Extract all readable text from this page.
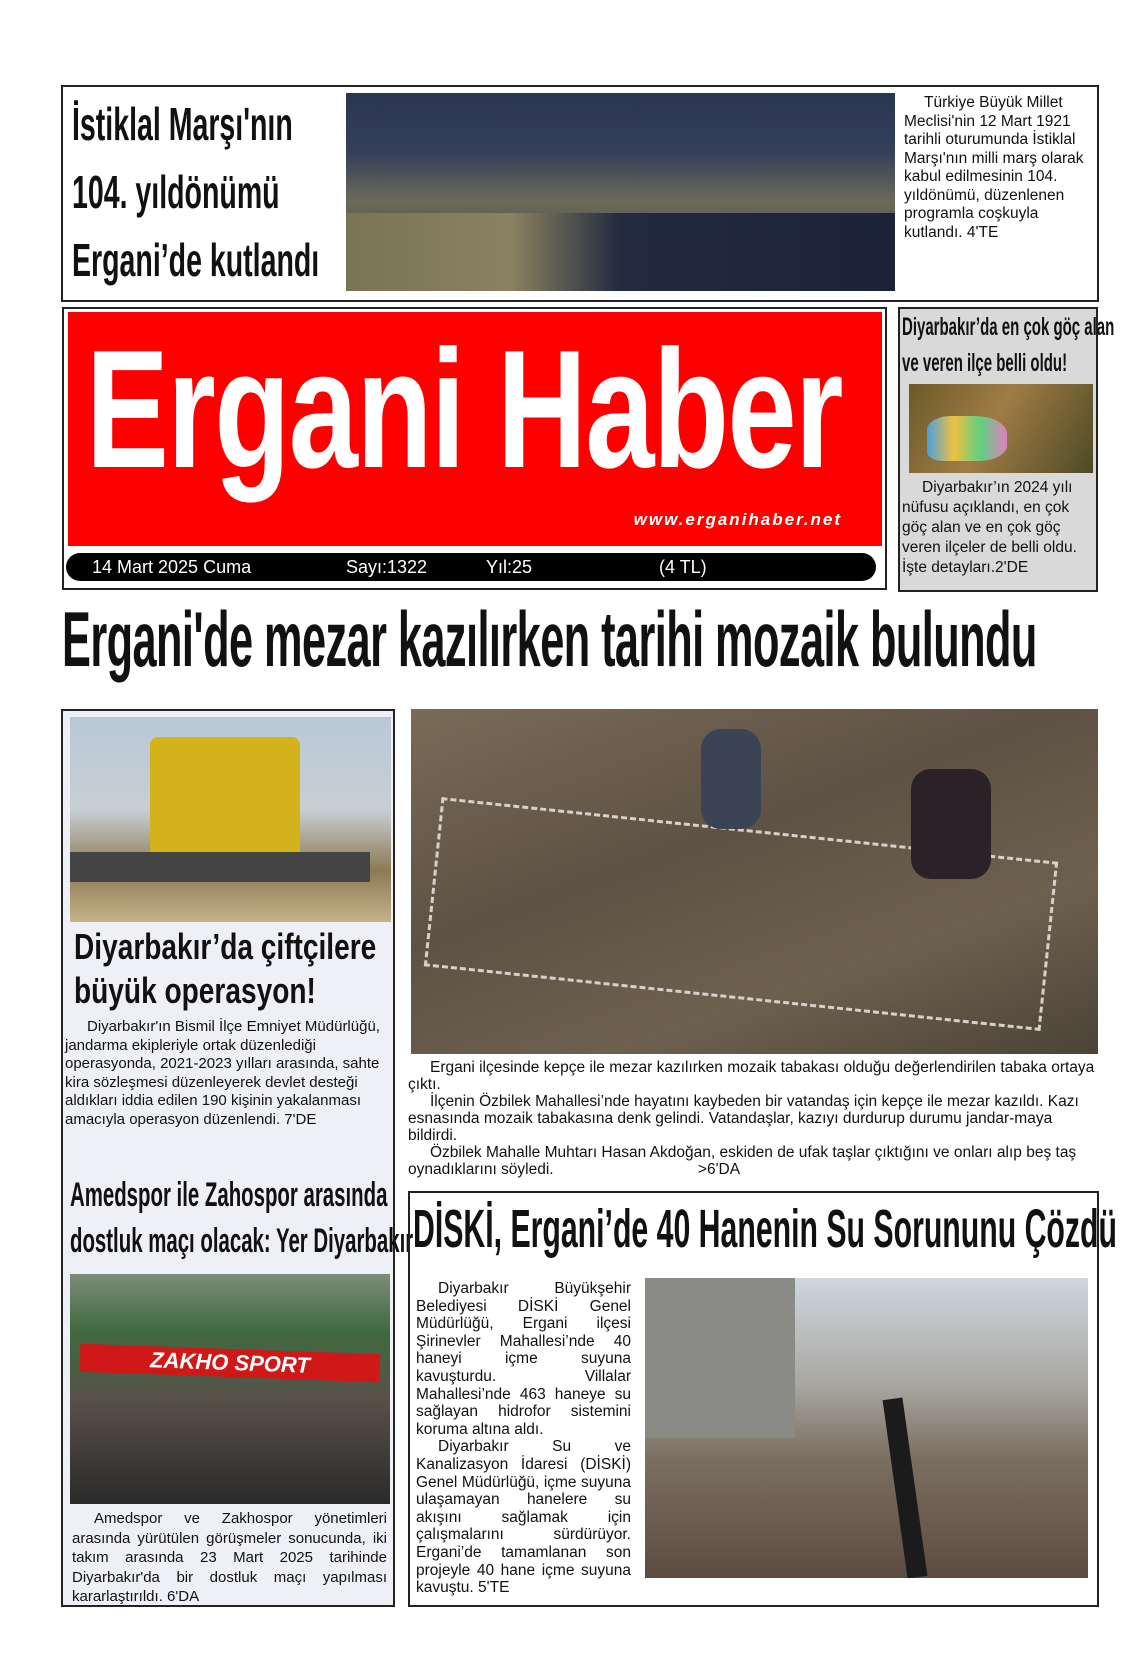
İstiklal Marşı'nın
104. yıldönümü
Ergani’de kutlandı
Türkiye Büyük Millet Meclisi'nin 12 Mart 1921 tarihli oturumunda İstiklal Marşı'nın milli marş olarak kabul edilmesinin 104. yıldönümü, düzenlenen programla coşkuyla kutlandı. 4'TE
Ergani Haber
www.erganihaber.net
14 Mart 2025 Cuma	Sayı:1322	Yıl:25	(4 TL)
Diyarbakır’da en çok göç alan
ve veren ilçe belli oldu!
Diyarbakır’ın 2024 yılı nüfusu açıklandı, en çok göç alan ve en çok göç veren ilçeler de belli oldu. İşte detayları.2'DE
Ergani'de mezar kazılırken tarihi mozaik bulundu
Diyarbakır’da çiftçilere
büyük operasyon!
Diyarbakır'ın Bismil İlçe Emniyet Müdürlüğü, jandarma ekipleriyle ortak düzenlediği operasyonda, 2021-2023 yılları arasında, sahte kira sözleşmesi düzenleyerek devlet desteği aldıkları iddia edilen 190 kişinin yakalanması amacıyla operasyon düzenlendi. 7'DE
Amedspor ile Zahospor arasında
dostluk maçı olacak: Yer Diyarbakır
ZAKHO SPORT
Amedspor ve Zakhospor yönetimleri arasında yürütülen görüşmeler sonucunda, iki takım arasında 23 Mart 2025 tarihinde Diyarbakır'da bir dostluk maçı yapılması kararlaştırıldı. 6'DA

Ergani ilçesinde kepçe ile mezar kazılırken mozaik tabakası olduğu değerlendirilen tabaka ortaya çıktı.

İlçenin Özbilek Mahallesi’nde hayatını kaybeden bir vatandaş için kepçe ile mezar kazıldı. Kazı esnasında mozaik tabakasına denk gelindi. Vatandaşlar, kazıyı durdurup durumu jandar-maya bildirdi.

Özbilek Mahalle Muhtarı Hasan Akdoğan, eskiden de ufak taşlar çıktığını ve onları alıp beş taş oynadıklarını söyledi.	>6'DA

DİSKİ, Ergani’de 40 Hanenin Su Sorununu Çözdü

Diyarbakır Büyükşehir Belediyesi DİSKİ Genel Müdürlüğü, Ergani ilçesi Şirinevler Mahallesi’nde 40 haneyi içme suyuna kavuşturdu. Villalar Mahallesi’nde 463 haneye su sağlayan hidrofor sistemini koruma altına aldı.

Diyarbakır Su ve Kanalizasyon İdaresi (DİSKİ) Genel Müdürlüğü, içme suyuna ulaşamayan hanelere su akışını sağlamak için çalışmalarını sürdürüyor. Ergani’de tamamlanan son projeyle 40 hane içme suyuna kavuştu. 5'TE
